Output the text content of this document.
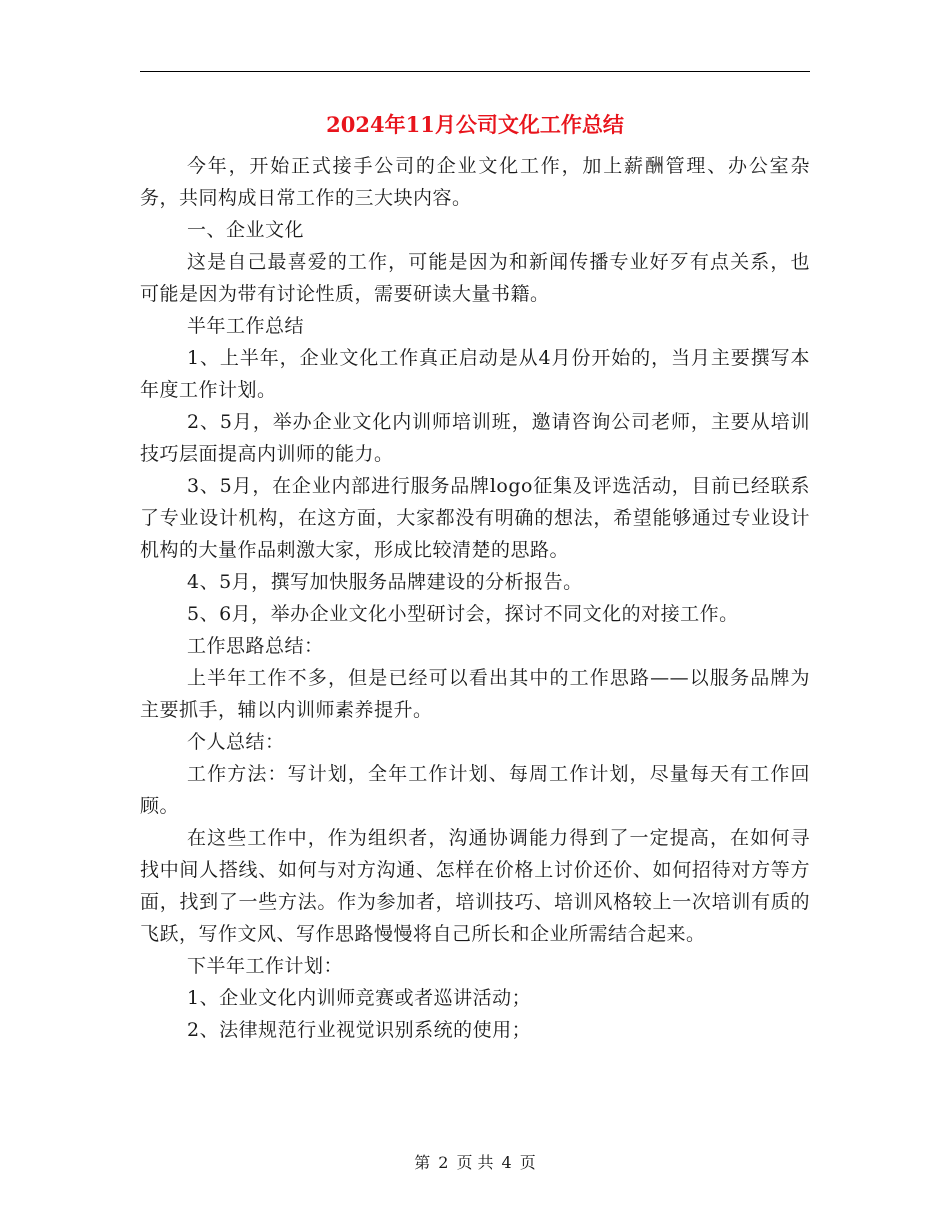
2024年11月公司文化工作总结

今年，开始正式接手公司的企业文化工作，加上薪酬管理、办公室杂务，共同构成日常工作的三大块内容。

一、企业文化

这是自己最喜爱的工作，可能是因为和新闻传播专业好歹有点关系，也可能是因为带有讨论性质，需要研读大量书籍。

半年工作总结

1、上半年，企业文化工作真正启动是从4月份开始的，当月主要撰写本年度工作计划。

2、5月，举办企业文化内训师培训班，邀请咨询公司老师，主要从培训技巧层面提高内训师的能力。

3、5月，在企业内部进行服务品牌logo征集及评选活动，目前已经联系了专业设计机构，在这方面，大家都没有明确的想法，希望能够通过专业设计机构的大量作品刺激大家，形成比较清楚的思路。

4、5月，撰写加快服务品牌建设的分析报告。

5、6月，举办企业文化小型研讨会，探讨不同文化的对接工作。

工作思路总结：

上半年工作不多，但是已经可以看出其中的工作思路——以服务品牌为主要抓手，辅以内训师素养提升。

个人总结：

工作方法：写计划，全年工作计划、每周工作计划，尽量每天有工作回顾。

在这些工作中，作为组织者，沟通协调能力得到了一定提高，在如何寻找中间人搭线、如何与对方沟通、怎样在价格上讨价还价、如何招待对方等方面，找到了一些方法。作为参加者，培训技巧、培训风格较上一次培训有质的飞跃，写作文风、写作思路慢慢将自己所长和企业所需结合起来。

下半年工作计划：

1、企业文化内训师竞赛或者巡讲活动；

2、法律规范行业视觉识别系统的使用；

第 2 页 共 4 页
